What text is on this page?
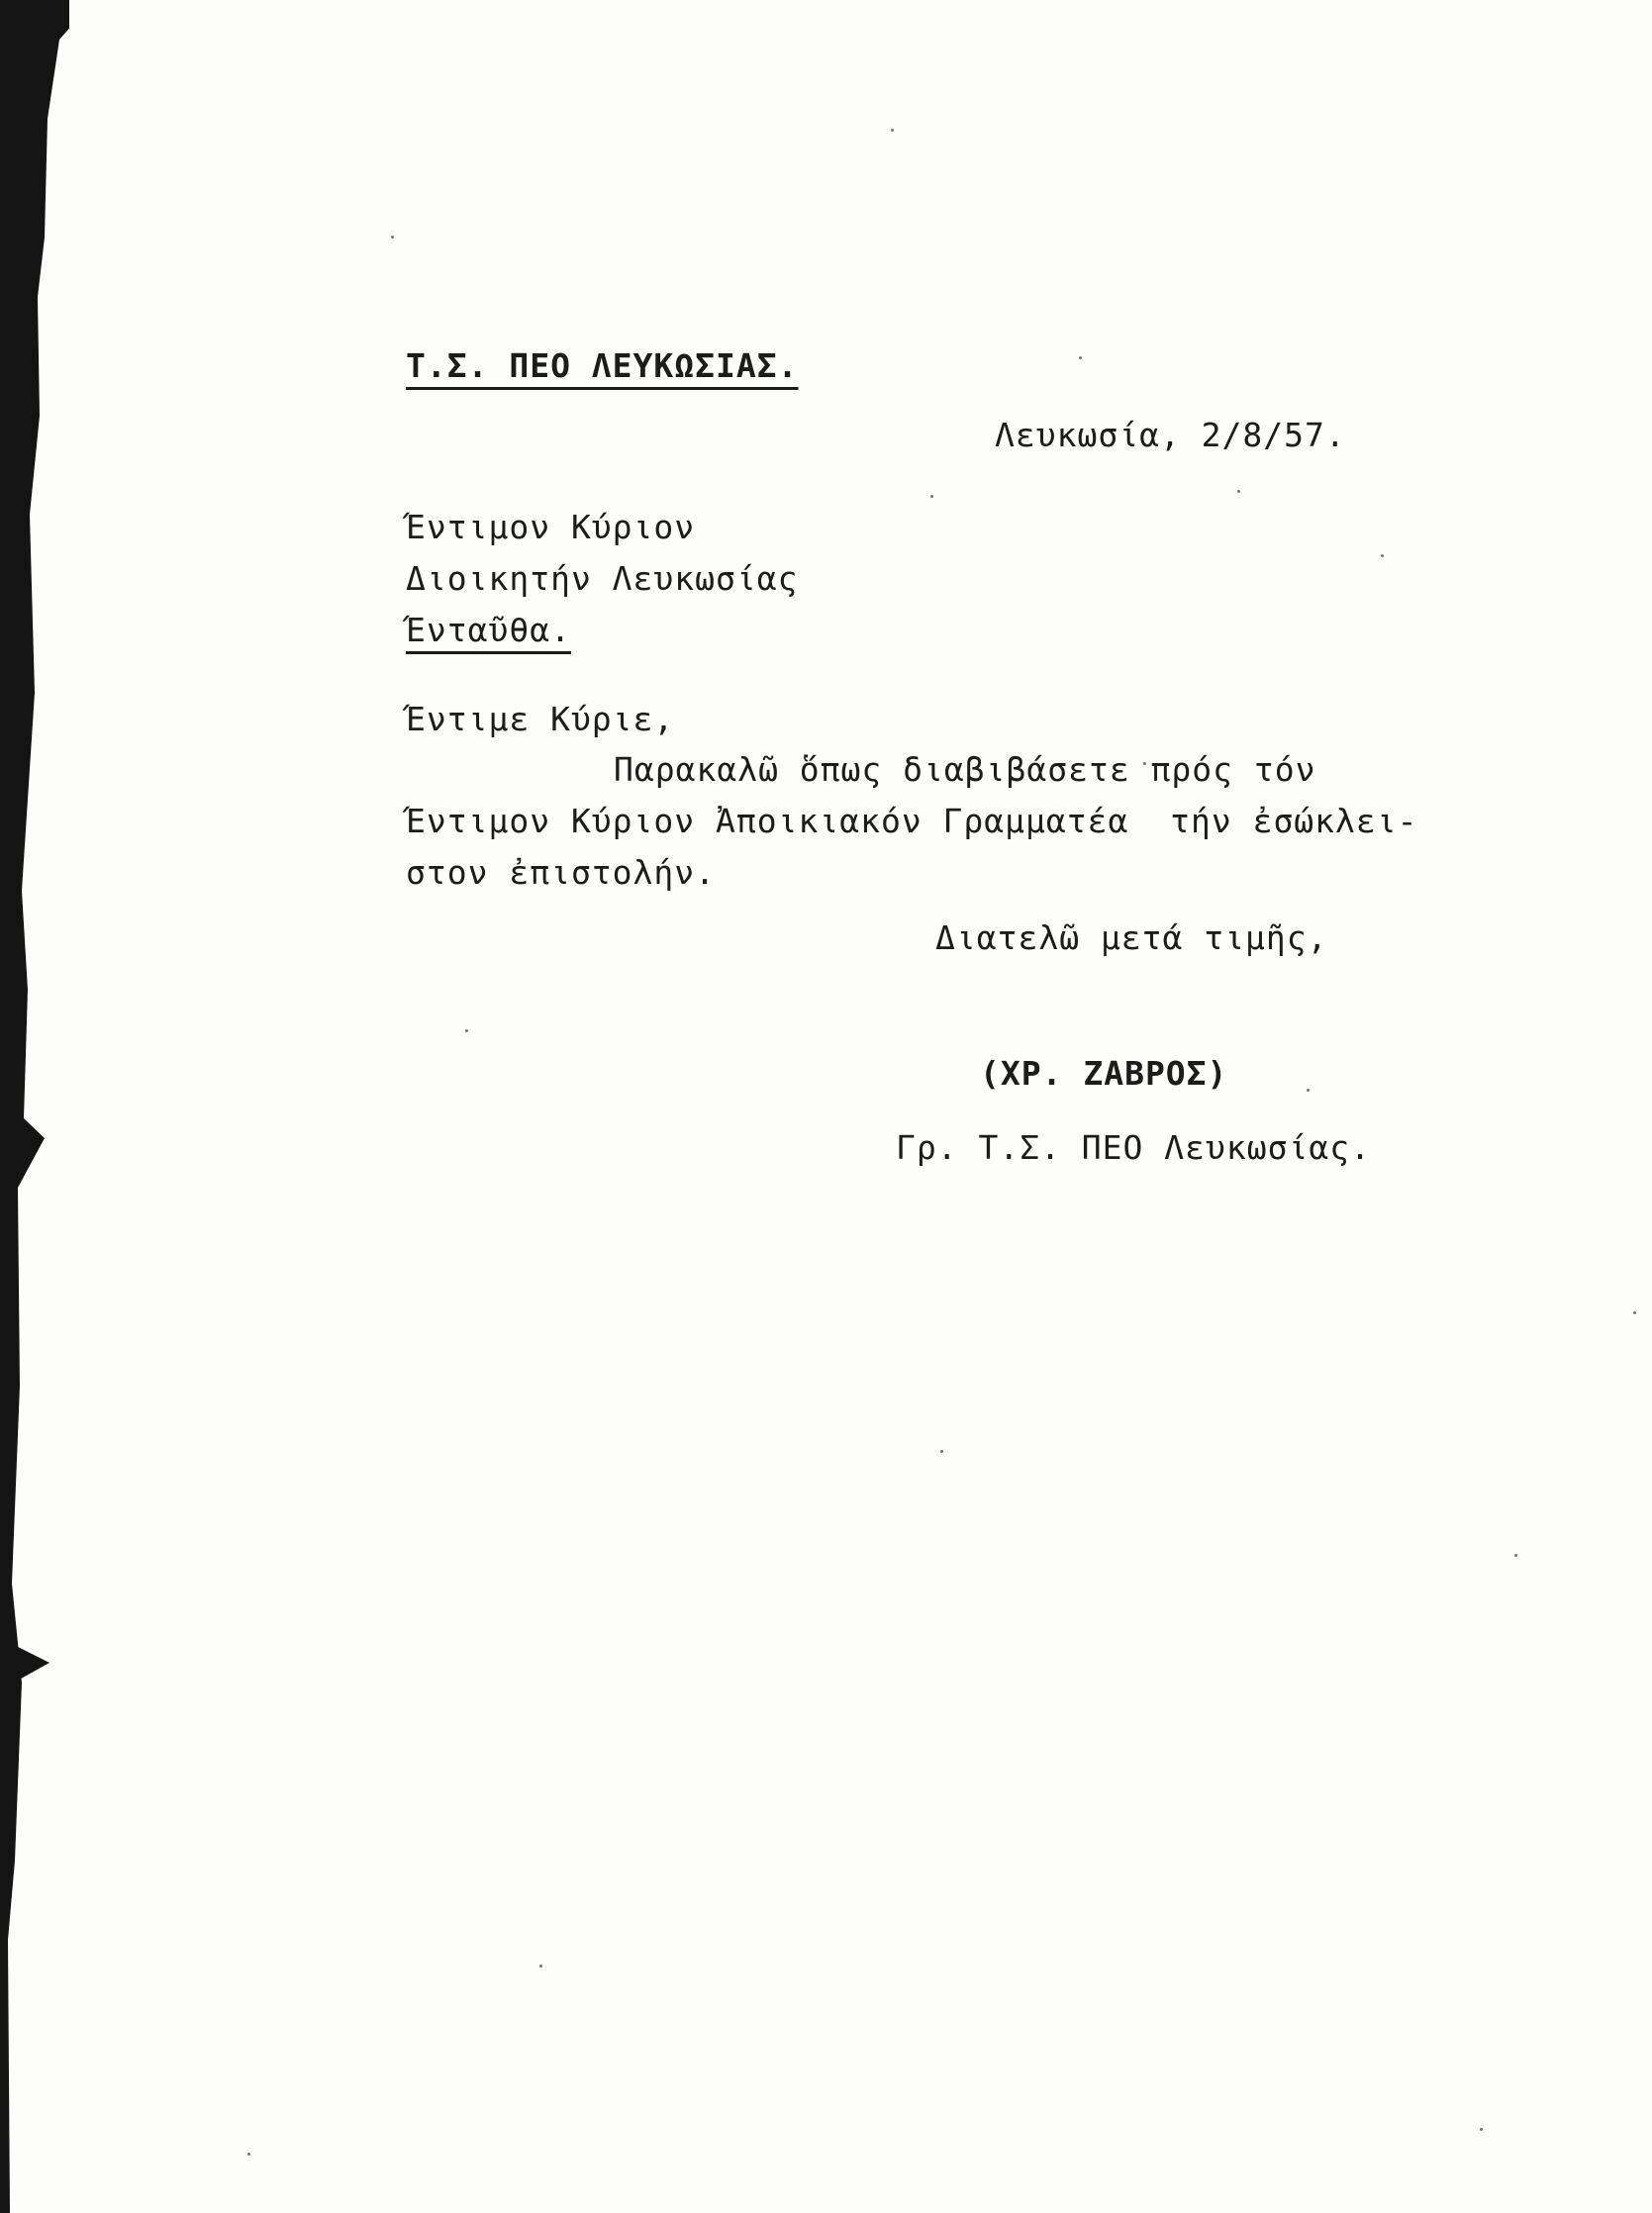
Τ.Σ. ΠΕΟ ΛΕΥΚΩΣΙΑΣ.
Λευκωσία, 2/8/57.
Έντιμον Κύριον
Διοικητήν Λευκωσίας
Ένταῦθα.
Έντιμε Κύριε,
Παρακαλῶ ὅπως διαβιβάσετε πρός τόν
Έντιμον Κύριον Ἀποικιακόν Γραμματέα  τήν ἐσώκλει-
στον ἐπιστολήν.
Διατελῶ μετά τιμῆς,
(ΧΡ. ΖΑΒΡΟΣ)
Γρ. Τ.Σ. ΠΕΟ Λευκωσίας.
